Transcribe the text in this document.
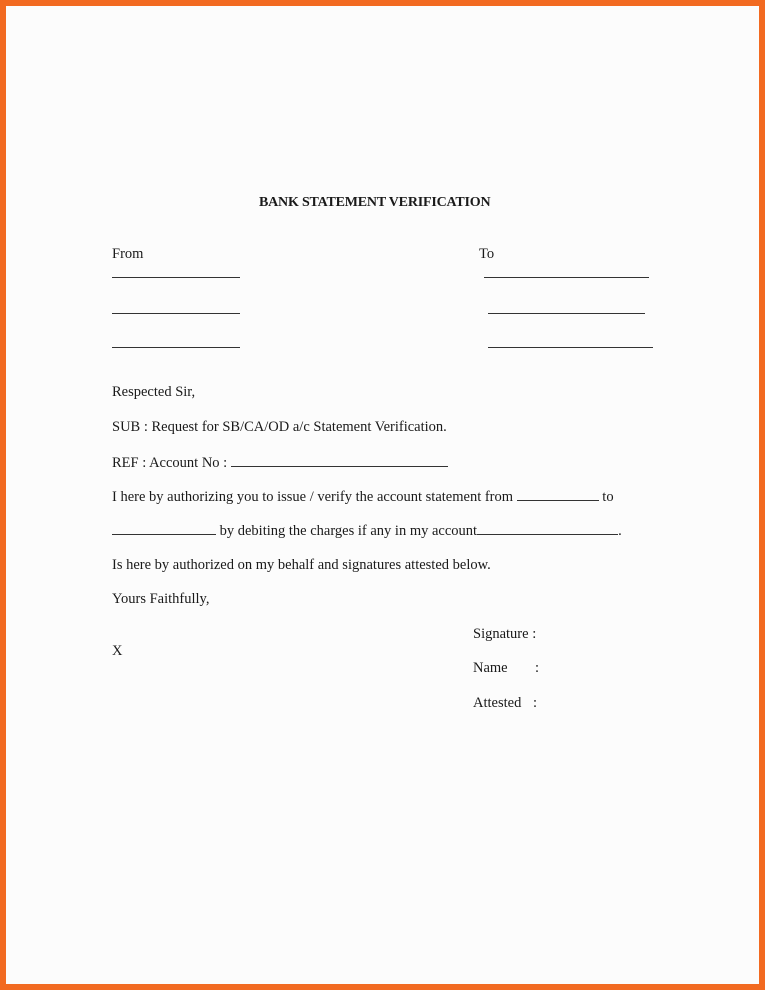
BANK STATEMENT VERIFICATION
From	To
Respected Sir,
SUB : Request for SB/CA/OD a/c Statement Verification.
REF : Account No :
I here by authorizing you to issue / verify the account statement from	to
by debiting the charges if any in my account	.
Is here by authorized on my behalf and signatures attested below.
Yours Faithfully,
X
Signature :
Name :
Attested :
